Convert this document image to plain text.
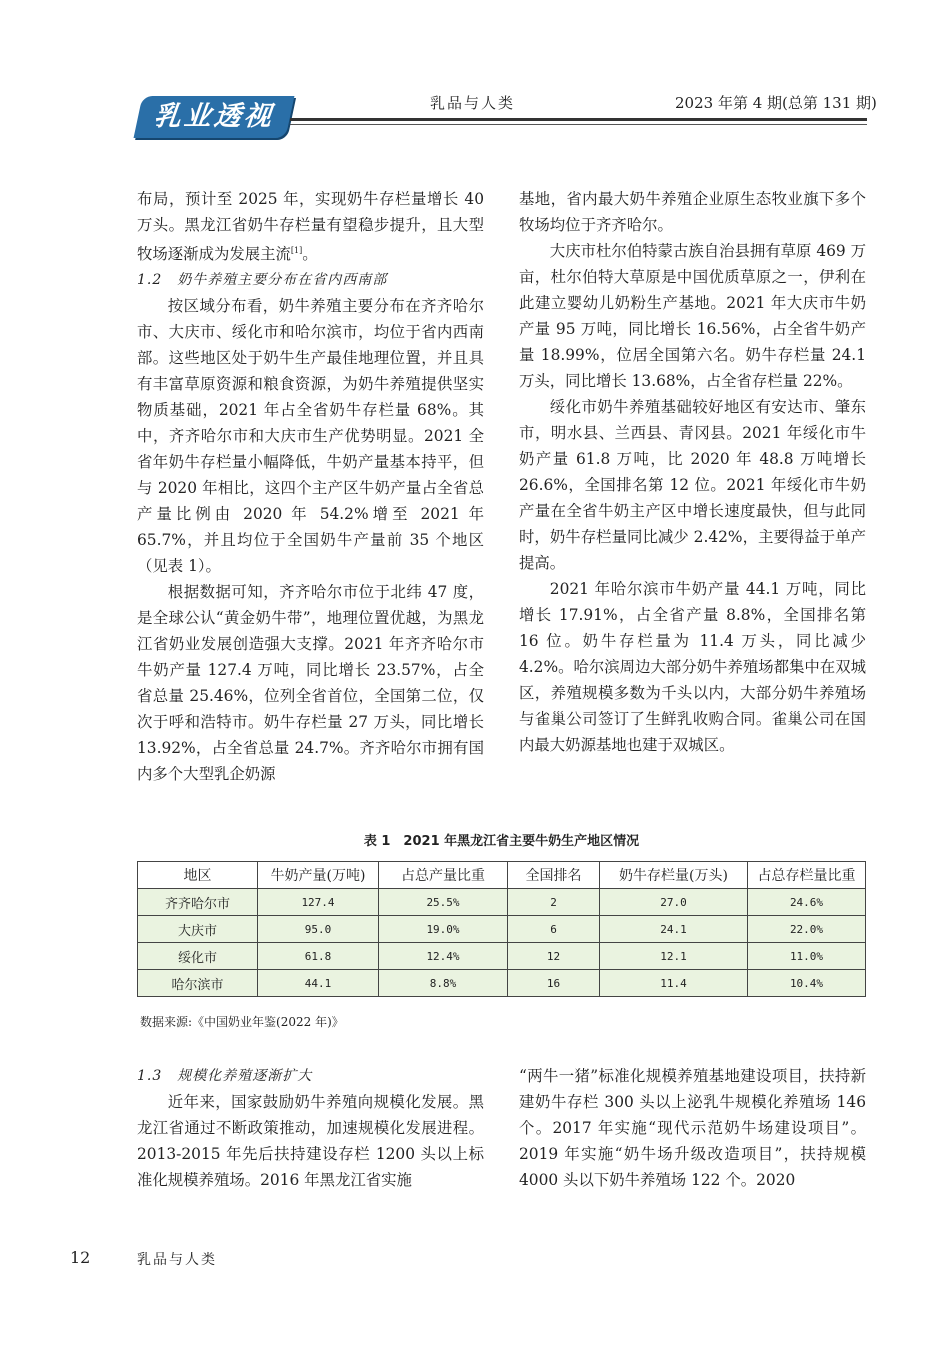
乳业透视	乳品与人类	2023 年第 4 期(总第 131 期)

布局，预计至 2025 年，实现奶牛存栏量增长 40 万头。黑龙江省奶牛存栏量有望稳步提升，且大型牧场逐渐成为发展主流[1]。

1.2　奶牛养殖主要分布在省内西南部

按区域分布看，奶牛养殖主要分布在齐齐哈尔市、大庆市、绥化市和哈尔滨市，均位于省内西南部。这些地区处于奶牛生产最佳地理位置，并且具有丰富草原资源和粮食资源，为奶牛养殖提供坚实物质基础，2021 年占全省奶牛存栏量 68%。其中，齐齐哈尔市和大庆市生产优势明显。2021 全省年奶牛存栏量小幅降低，牛奶产量基本持平，但与 2020 年相比，这四个主产区牛奶产量占全省总产量比例由 2020 年 54.2%增至 2021 年 65.7%，并且均位于全国奶牛产量前 35 个地区（见表 1）。

根据数据可知，齐齐哈尔市位于北纬 47 度，是全球公认“黄金奶牛带”，地理位置优越，为黑龙江省奶业发展创造强大支撑。2021 年齐齐哈尔市牛奶产量 127.4 万吨，同比增长 23.57%，占全省总量 25.46%，位列全省首位，全国第二位，仅次于呼和浩特市。奶牛存栏量 27 万头，同比增长 13.92%，占全省总量 24.7%。齐齐哈尔市拥有国内多个大型乳企奶源

基地，省内最大奶牛养殖企业原生态牧业旗下多个牧场均位于齐齐哈尔。

大庆市杜尔伯特蒙古族自治县拥有草原 469 万亩，杜尔伯特大草原是中国优质草原之一，伊利在此建立婴幼儿奶粉生产基地。2021 年大庆市牛奶产量 95 万吨，同比增长 16.56%，占全省牛奶产量 18.99%，位居全国第六名。奶牛存栏量 24.1 万头，同比增长 13.68%，占全省存栏量 22%。

绥化市奶牛养殖基础较好地区有安达市、肇东市，明水县、兰西县、青冈县。2021 年绥化市牛奶产量 61.8 万吨，比 2020 年 48.8 万吨增长 26.6%，全国排名第 12 位。2021 年绥化市牛奶产量在全省牛奶主产区中增长速度最快，但与此同时，奶牛存栏量同比减少 2.42%，主要得益于单产提高。

2021 年哈尔滨市牛奶产量 44.1 万吨，同比增长 17.91%，占全省产量 8.8%，全国排名第 16 位。奶牛存栏量为 11.4 万头，同比减少 4.2%。哈尔滨周边大部分奶牛养殖场都集中在双城区，养殖规模多数为千头以内，大部分奶牛养殖场与雀巢公司签订了生鲜乳收购合同。雀巢公司在国内最大奶源基地也建于双城区。

表 1　2021 年黑龙江省主要牛奶生产地区情况
地区	牛奶产量(万吨)	占总产量比重	全国排名	奶牛存栏量(万头)	占总存栏量比重
齐齐哈尔市	127.4	25.5%	2	27.0	24.6%
大庆市	95.0	19.0%	6	24.1	22.0%
绥化市	61.8	12.4%	12	12.1	11.0%
哈尔滨市	44.1	8.8%	16	11.4	10.4%
数据来源:《中国奶业年鉴(2022 年)》
1.3　规模化养殖逐渐扩大

近年来，国家鼓励奶牛养殖向规模化发展。黑龙江省通过不断政策推动，加速规模化发展进程。2013-2015 年先后扶持建设存栏 1200 头以上标准化规模养殖场。2016 年黑龙江省实施

“两牛一猪”标准化规模养殖基地建设项目，扶持新建奶牛存栏 300 头以上泌乳牛规模化养殖场 146 个。2017 年实施“现代示范奶牛场建设项目”。2019 年实施“奶牛场升级改造项目”，扶持规模 4000 头以下奶牛养殖场 122 个。2020

12	乳品与人类
